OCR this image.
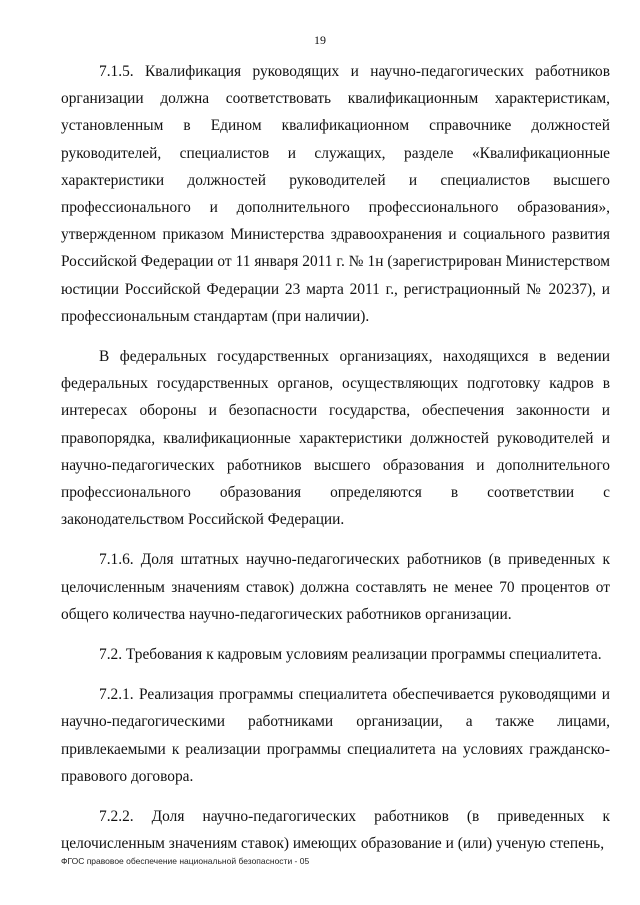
19

7.1.5. Квалификация руководящих и научно-педагогических работников организации должна соответствовать квалификационным характеристикам, установленным в Едином квалификационном справочнике должностей руководителей, специалистов и служащих, разделе «Квалификационные характеристики должностей руководителей и специалистов высшего профессионального и дополнительного профессионального образования», утвержденном приказом Министерства здравоохранения и социального развития Российской Федерации от 11 января 2011 г. № 1н (зарегистрирован Министерством юстиции Российской Федерации 23 марта 2011 г., регистрационный № 20237), и профессиональным стандартам (при наличии).

В федеральных государственных организациях, находящихся в ведении федеральных государственных органов, осуществляющих подготовку кадров в интересах обороны и безопасности государства, обеспечения законности и правопорядка, квалификационные характеристики должностей руководителей и научно-педагогических работников высшего образования и дополнительного профессионального образования определяются в соответствии с законодательством Российской Федерации.

7.1.6. Доля штатных научно-педагогических работников (в приведенных к целочисленным значениям ставок) должна составлять не менее 70 процентов от общего количества научно-педагогических работников организации.

7.2. Требования к кадровым условиям реализации программы специалитета.

7.2.1. Реализация программы специалитета обеспечивается руководящими и научно-педагогическими работниками организации, а также лицами, привлекаемыми к реализации программы специалитета на условиях гражданско-правового договора.

7.2.2. Доля научно-педагогических работников (в приведенных к целочисленным значениям ставок) имеющих образование и (или) ученую степень,

ФГОС правовое обеспечение национальной безопасности - 05
